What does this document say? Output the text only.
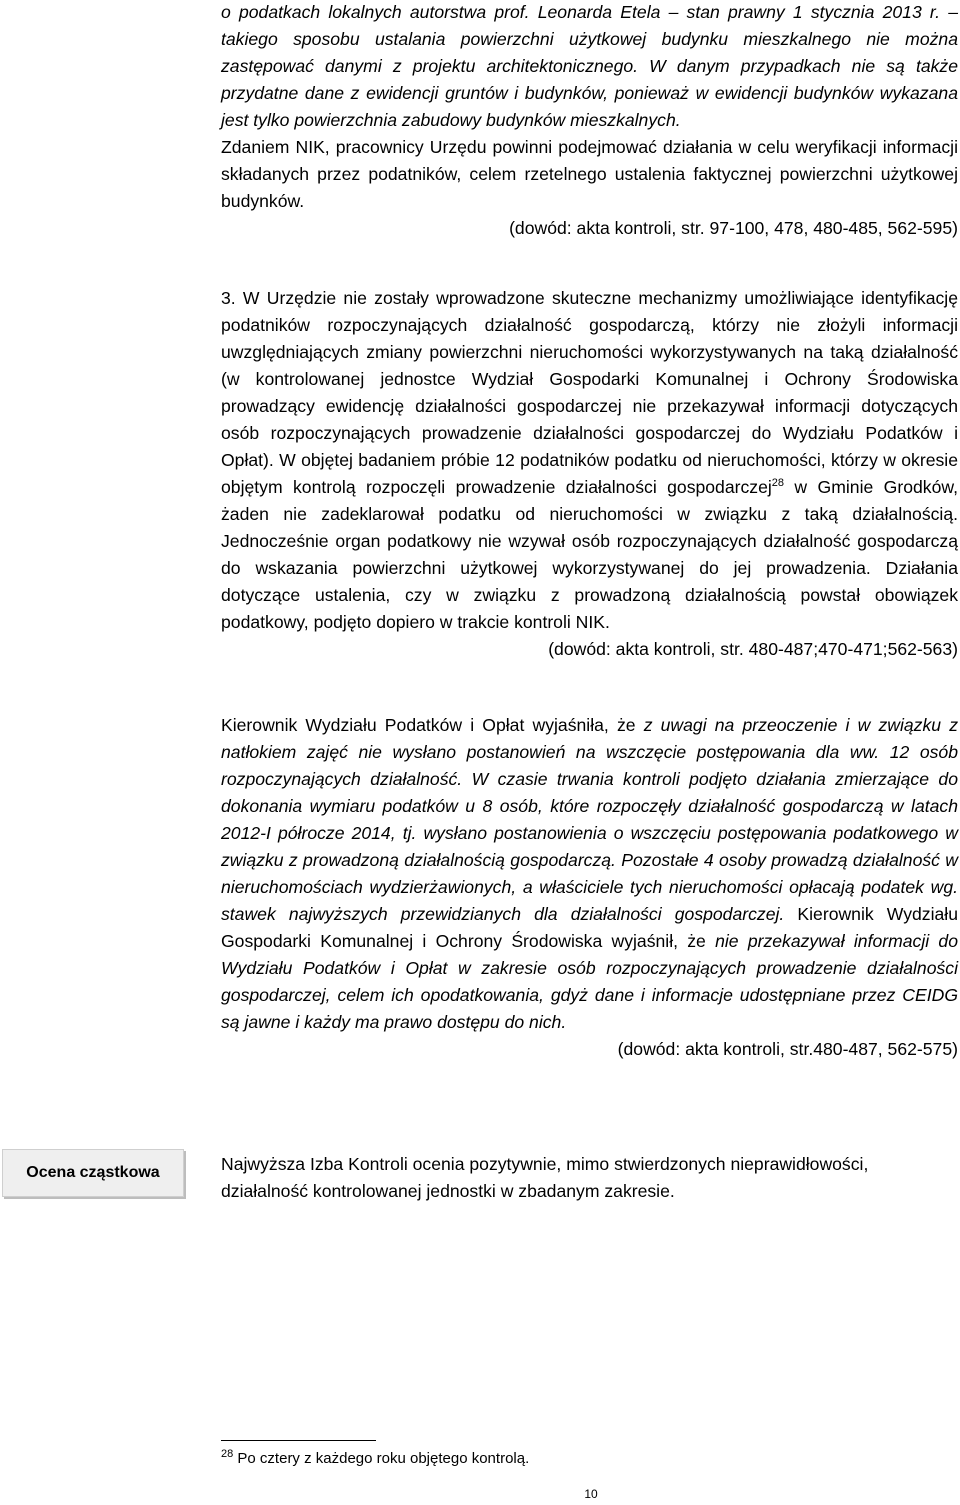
o podatkach lokalnych autorstwa prof. Leonarda Etela – stan prawny 1 stycznia 2013 r. – takiego sposobu ustalania powierzchni użytkowej budynku mieszkalnego nie można zastępować danymi z projektu architektonicznego. W danym przypadkach nie są także przydatne dane z ewidencji gruntów i budynków, ponieważ w ewidencji budynków wykazana jest tylko powierzchnia zabudowy budynków mieszkalnych.

Zdaniem NIK, pracownicy Urzędu powinni podejmować działania w celu weryfikacji informacji składanych przez podatników, celem rzetelnego ustalenia faktycznej powierzchni użytkowej budynków.

(dowód: akta kontroli, str. 97-100, 478, 480-485, 562-595)

3. W Urzędzie nie zostały wprowadzone skuteczne mechanizmy umożliwiające identyfikację podatników rozpoczynających działalność gospodarczą, którzy nie złożyli informacji uwzględniających zmiany powierzchni nieruchomości wykorzystywanych na taką działalność (w kontrolowanej jednostce Wydział Gospodarki Komunalnej i Ochrony Środowiska prowadzący ewidencję działalności gospodarczej nie przekazywał informacji dotyczących osób rozpoczynających prowadzenie działalności gospodarczej do Wydziału Podatków i Opłat). W objętej badaniem próbie 12 podatników podatku od nieruchomości, którzy w okresie objętym kontrolą rozpoczęli prowadzenie działalności gospodarczej$^{28}$ w Gminie Grodków, żaden nie zadeklarował podatku od nieruchomości w związku z taką działalnością. Jednocześnie organ podatkowy nie wzywał osób rozpoczynających działalność gospodarczą do wskazania powierzchni użytkowej wykorzystywanej do jej prowadzenia. Działania dotyczące ustalenia, czy w związku z prowadzoną działalnością powstał obowiązek podatkowy, podjęto dopiero w trakcie kontroli NIK.

(dowód: akta kontroli, str. 480-487;470-471;562-563)

Kierownik Wydziału Podatków i Opłat wyjaśniła, że z uwagi na przeoczenie i w związku z natłokiem zajęć nie wysłano postanowień na wszczęcie postępowania dla ww. 12 osób rozpoczynających działalność. W czasie trwania kontroli podjęto działania zmierzające do dokonania wymiaru podatków u 8 osób, które rozpoczęły działalność gospodarczą w latach 2012-I półrocze 2014, tj. wysłano postanowienia o wszczęciu postępowania podatkowego w związku z prowadzoną działalnością gospodarczą. Pozostałe 4 osoby prowadzą działalność w nieruchomościach wydzierżawionych, a właściciele tych nieruchomości opłacają podatek wg. stawek najwyższych przewidzianych dla działalności gospodarczej. Kierownik Wydziału Gospodarki Komunalnej i Ochrony Środowiska wyjaśnił, że nie przekazywał informacji do Wydziału Podatków i Opłat w zakresie osób rozpoczynających prowadzenie działalności gospodarczej, celem ich opodatkowania, gdyż dane i informacje udostępniane przez CEIDG są jawne i każdy ma prawo dostępu do nich.

(dowód: akta kontroli, str.480-487, 562-575)

Ocena cząstkowa	Najwyższa Izba Kontroli ocenia pozytywnie, mimo stwierdzonych nieprawidłowości, działalność kontrolowanej jednostki w zbadanym zakresie.

$^{28}$ Po cztery z każdego roku objętego kontrolą.
10
